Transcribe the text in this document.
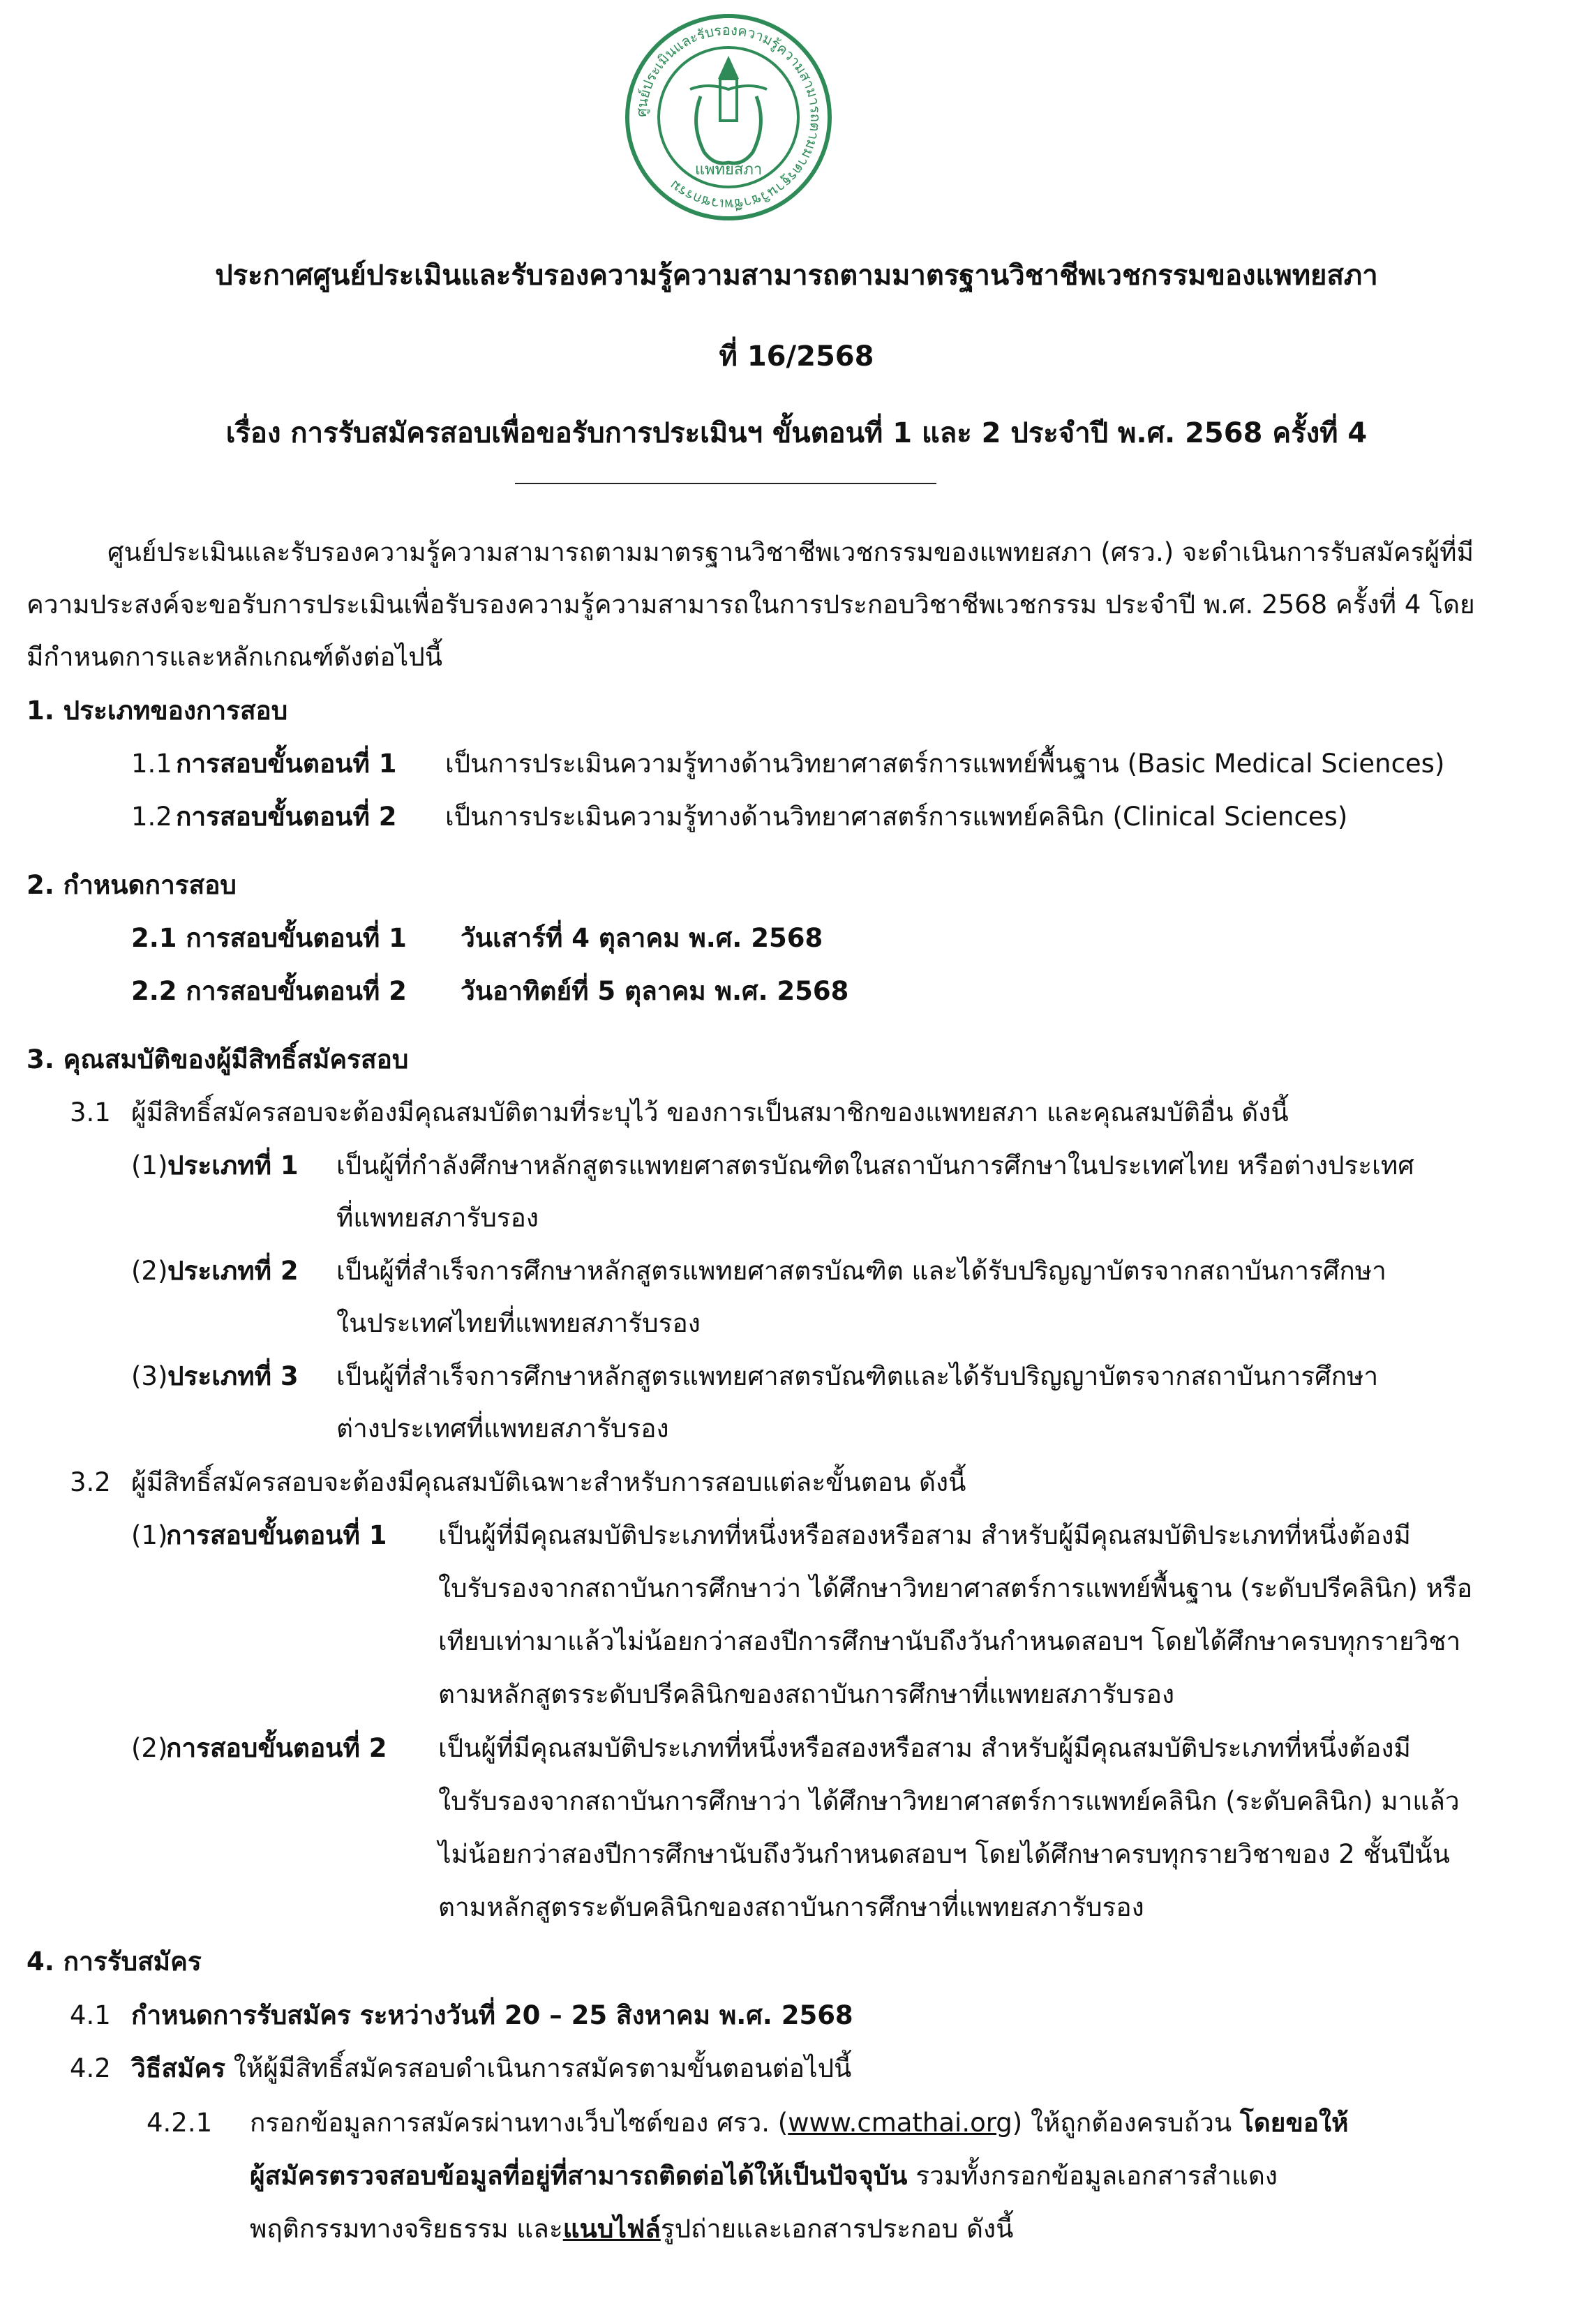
ศูนย์ประเมินและรับรองความรู้ความสามารถตามมาตรฐานวิชาชีพเวชกรรม
แพทยสภา
ประกาศศูนย์ประเมินและรับรองความรู้ความสามารถตามมาตรฐานวิชาชีพเวชกรรมของแพทยสภา
ที่ 16/2568
เรื่อง การรับสมัครสอบเพื่อขอรับการประเมินฯ ขั้นตอนที่ 1 และ 2 ประจำปี พ.ศ. 2568 ครั้งที่ 4
ศูนย์ประเมินและรับรองความรู้ความสามารถตามมาตรฐานวิชาชีพเวชกรรมของแพทยสภา (ศรว.) จะดำเนินการรับสมัครผู้ที่มี
ความประสงค์จะขอรับการประเมินเพื่อรับรองความรู้ความสามารถในการประกอบวิชาชีพเวชกรรม ประจำปี พ.ศ. 2568 ครั้งที่ 4 โดย
มีกำหนดการและหลักเกณฑ์ดังต่อไปนี้
1. ประเภทของการสอบ
1.1 การสอบขั้นตอนที่ 1 เป็นการประเมินความรู้ทางด้านวิทยาศาสตร์การแพทย์พื้นฐาน (Basic Medical Sciences)
1.2 การสอบขั้นตอนที่ 2 เป็นการประเมินความรู้ทางด้านวิทยาศาสตร์การแพทย์คลินิก (Clinical Sciences)
2. กำหนดการสอบ
2.1 การสอบขั้นตอนที่ 1 วันเสาร์ที่ 4 ตุลาคม พ.ศ. 2568
2.2 การสอบขั้นตอนที่ 2 วันอาทิตย์ที่ 5 ตุลาคม พ.ศ. 2568
3. คุณสมบัติของผู้มีสิทธิ์สมัครสอบ
3.1 ผู้มีสิทธิ์สมัครสอบจะต้องมีคุณสมบัติตามที่ระบุไว้ ของการเป็นสมาชิกของแพทยสภา และคุณสมบัติอื่น ดังนี้
(1) ประเภทที่ 1 เป็นผู้ที่กำลังศึกษาหลักสูตรแพทยศาสตรบัณฑิตในสถาบันการศึกษาในประเทศไทย หรือต่างประเทศ
ที่แพทยสภารับรอง
(2) ประเภทที่ 2 เป็นผู้ที่สำเร็จการศึกษาหลักสูตรแพทยศาสตรบัณฑิต และได้รับปริญญาบัตรจากสถาบันการศึกษา
ในประเทศไทยที่แพทยสภารับรอง
(3) ประเภทที่ 3 เป็นผู้ที่สำเร็จการศึกษาหลักสูตรแพทยศาสตรบัณฑิตและได้รับปริญญาบัตรจากสถาบันการศึกษา
ต่างประเทศที่แพทยสภารับรอง
3.2 ผู้มีสิทธิ์สมัครสอบจะต้องมีคุณสมบัติเฉพาะสำหรับการสอบแต่ละขั้นตอน ดังนี้
(1)
การสอบขั้นตอนที่ 1 เป็นผู้ที่มีคุณสมบัติประเภทที่หนึ่งหรือสองหรือสาม สำหรับผู้มีคุณสมบัติประเภทที่หนึ่งต้องมี
ใบรับรองจากสถาบันการศึกษาว่า ได้ศึกษาวิทยาศาสตร์การแพทย์พื้นฐาน (ระดับปรีคลินิก) หรือ
เทียบเท่ามาแล้วไม่น้อยกว่าสองปีการศึกษานับถึงวันกำหนดสอบฯ โดยได้ศึกษาครบทุกรายวิชา
ตามหลักสูตรระดับปรีคลินิกของสถาบันการศึกษาที่แพทยสภารับรอง
(2)
การสอบขั้นตอนที่ 2 เป็นผู้ที่มีคุณสมบัติประเภทที่หนึ่งหรือสองหรือสาม สำหรับผู้มีคุณสมบัติประเภทที่หนึ่งต้องมี
ใบรับรองจากสถาบันการศึกษาว่า ได้ศึกษาวิทยาศาสตร์การแพทย์คลินิก (ระดับคลินิก) มาแล้ว
ไม่น้อยกว่าสองปีการศึกษานับถึงวันกำหนดสอบฯ โดยได้ศึกษาครบทุกรายวิชาของ 2 ชั้นปีนั้น
ตามหลักสูตรระดับคลินิกของสถาบันการศึกษาที่แพทยสภารับรอง
4. การรับสมัคร
4.1 กำหนดการรับสมัคร ระหว่างวันที่ 20 – 25 สิงหาคม พ.ศ. 2568
4.2 วิธีสมัคร ให้ผู้มีสิทธิ์สมัครสอบดำเนินการสมัครตามขั้นตอนต่อไปนี้
4.2.1 กรอกข้อมูลการสมัครผ่านทางเว็บไซต์ของ ศรว. (www.cmathai.org) ให้ถูกต้องครบถ้วน โดยขอให้
ผู้สมัครตรวจสอบข้อมูลที่อยู่ที่สามารถติดต่อได้ให้เป็นปัจจุบัน รวมทั้งกรอกข้อมูลเอกสารสำแดง
พฤติกรรมทางจริยธรรม และแนบไฟล์รูปถ่ายและเอกสารประกอบ ดังนี้
